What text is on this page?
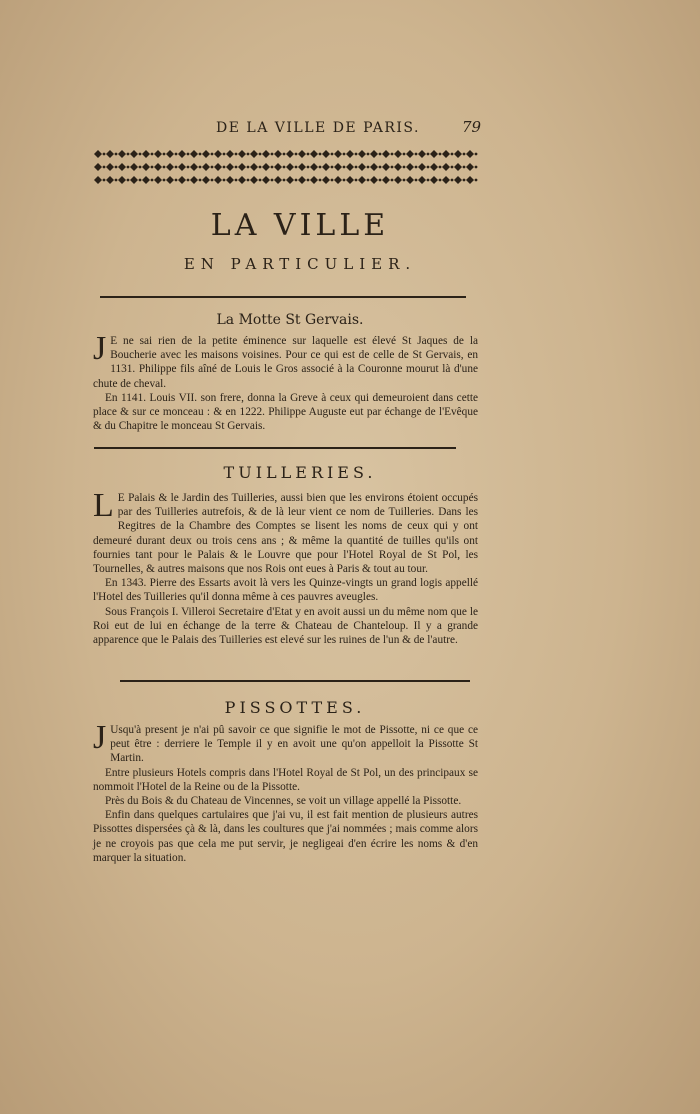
DE LA VILLE DE PARIS.	79
LA VILLE
EN PARTICULIER.
La Motte St Gervais.
J E ne sai rien de la petite éminence sur laquelle est élevé St Jaques de la Boucherie avec les maisons voisines. Pour ce qui est de celle de St Gervais, en 1131. Philippe fils aîné de Louis le Gros associé à la Couronne mourut là d'une chute de cheval.

En 1141. Louis VII. son frere, donna la Greve à ceux qui demeuroient dans cette place & sur ce monceau : & en 1222. Philippe Auguste eut par échange de l'Evêque & du Chapitre le monceau St Gervais.

TUILLERIES.
L E Palais & le Jardin des Tuilleries, aussi bien que les environs étoient occupés par des Tuilleries autrefois, & de là leur vient ce nom de Tuilleries. Dans les Regitres de la Chambre des Comptes se lisent les noms de ceux qui y ont demeuré durant deux ou trois cens ans ; & même la quantité de tuilles qu'ils ont fournies tant pour le Palais & le Louvre que pour l'Hotel Royal de St Pol, les Tournelles, & autres maisons que nos Rois ont eues à Paris & tout au tour.

En 1343. Pierre des Essarts avoit là vers les Quinze-vingts un grand logis appellé l'Hotel des Tuilleries qu'il donna même à ces pauvres aveugles.

Sous François I. Villeroi Secretaire d'Etat y en avoit aussi un du même nom que le Roi eut de lui en échange de la terre & Chateau de Chanteloup. Il y a grande apparence que le Palais des Tuilleries est elevé sur les ruines de l'un & de l'autre.

PISSOTTES.
J Usqu'à present je n'ai pû savoir ce que signifie le mot de Pissotte, ni ce que ce peut être : derriere le Temple il y en avoit une qu'on appelloit la Pissotte St Martin.

Entre plusieurs Hotels compris dans l'Hotel Royal de St Pol, un des principaux se nommoit l'Hotel de la Reine ou de la Pissotte.

Près du Bois & du Chateau de Vincennes, se voit un village appellé la Pissotte.

Enfin dans quelques cartulaires que j'ai vu, il est fait mention de plusieurs autres Pissottes dispersées çà & là, dans les coultures que j'ai nommées ; mais comme alors je ne croyois pas que cela me put servir, je negligeai d'en écrire les noms & d'en marquer la situation.
